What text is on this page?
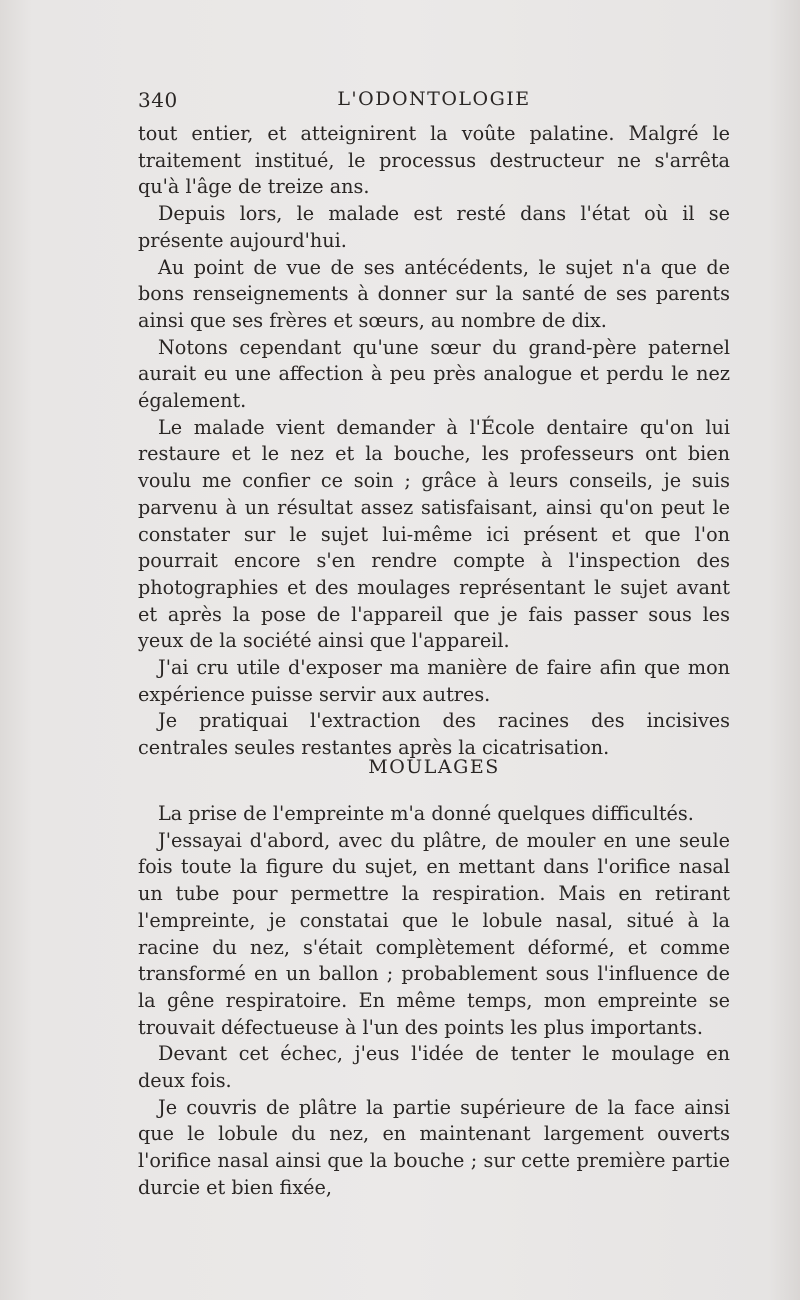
340	L'ODONTOLOGIE

tout entier, et atteignirent la voûte palatine. Malgré le traitement institué, le processus destructeur ne s'arrêta qu'à l'âge de treize ans.

Depuis lors, le malade est resté dans l'état où il se présente aujourd'hui.

Au point de vue de ses antécédents, le sujet n'a que de bons renseignements à donner sur la santé de ses parents ainsi que ses frères et sœurs, au nombre de dix.

Notons cependant qu'une sœur du grand-père paternel aurait eu une affection à peu près analogue et perdu le nez également.

Le malade vient demander à l'École dentaire qu'on lui restaure et le nez et la bouche, les professeurs ont bien voulu me confier ce soin ; grâce à leurs conseils, je suis parvenu à un résultat assez satisfaisant, ainsi qu'on peut le constater sur le sujet lui-même ici présent et que l'on pourrait encore s'en rendre compte à l'inspection des photographies et des moulages représentant le sujet avant et après la pose de l'appareil que je fais passer sous les yeux de la société ainsi que l'appareil.

J'ai cru utile d'exposer ma manière de faire afin que mon expérience puisse servir aux autres.

Je pratiquai l'extraction des racines des incisives centrales seules restantes après la cicatrisation.

MOULAGES

La prise de l'empreinte m'a donné quelques difficultés.

J'essayai d'abord, avec du plâtre, de mouler en une seule fois toute la figure du sujet, en mettant dans l'orifice nasal un tube pour permettre la respiration. Mais en retirant l'empreinte, je constatai que le lobule nasal, situé à la racine du nez, s'était complètement déformé, et comme transformé en un ballon ; probablement sous l'influence de la gêne respiratoire. En même temps, mon empreinte se trouvait défectueuse à l'un des points les plus importants.

Devant cet échec, j'eus l'idée de tenter le moulage en deux fois.

Je couvris de plâtre la partie supérieure de la face ainsi que le lobule du nez, en maintenant largement ouverts l'orifice nasal ainsi que la bouche ; sur cette première partie durcie et bien fixée,
